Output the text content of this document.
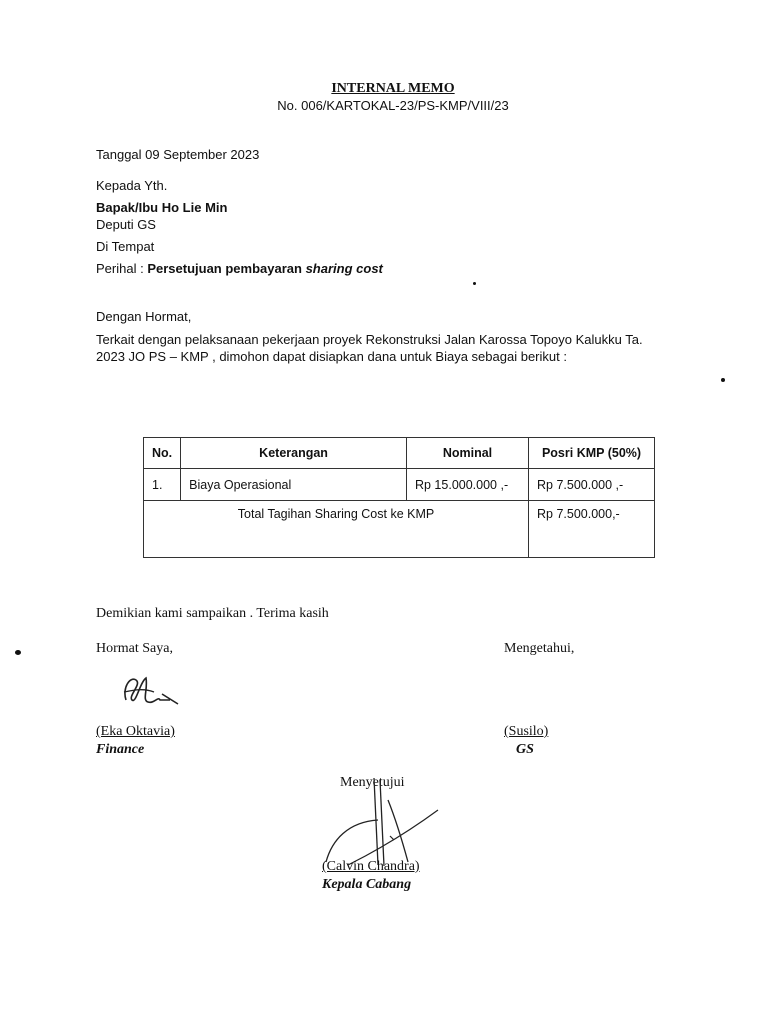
INTERNAL MEMO
No. 006/KARTOKAL-23/PS-KMP/VIII/23
Tanggal 09 September 2023
Kepada Yth.
Bapak/Ibu Ho Lie Min
Deputi GS
Di Tempat
Perihal : Persetujuan pembayaran sharing cost
Dengan Hormat,
Terkait dengan pelaksanaan pekerjaan proyek Rekonstruksi Jalan Karossa Topoyo Kalukku Ta.
2023 JO PS – KMP , dimohon dapat disiapkan dana untuk Biaya sebagai berikut :
No.	Keterangan	Nominal	Posri KMP (50%)
1.	Biaya Operasional	Rp 15.000.000 ,-	Rp 7.500.000 ,-
Total Tagihan Sharing Cost ke KMP			Rp 7.500.000,-
Demikian kami sampaikan . Terima kasih
Hormat Saya,
(Eka Oktavia)
Finance
Mengetahui,
(Susilo)
GS
Menyetujui
(Calvin Chandra)
Kepala Cabang
